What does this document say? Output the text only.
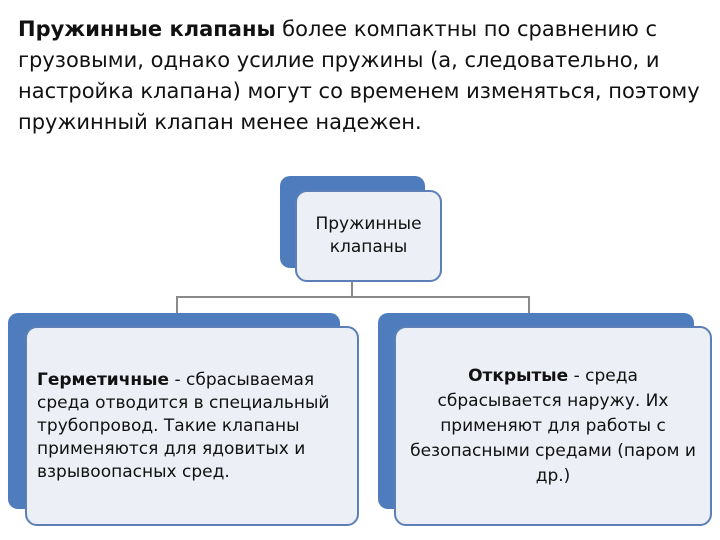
Пружинные клапаны более компактны по сравнению с грузовыми, однако усилие пружины (а, следовательно, и настройка клапана) могут со временем изменяться, поэтому пружинный клапан менее надежен.

Пружинные клапаны
Герметичные - сбрасываемая среда отводится в специальный трубопровод. Такие клапаны применяются для ядовитых и взрывоопасных сред.
Открытые - среда сбрасывается наружу. Их применяют для работы с безопасными средами (паром и др.)
